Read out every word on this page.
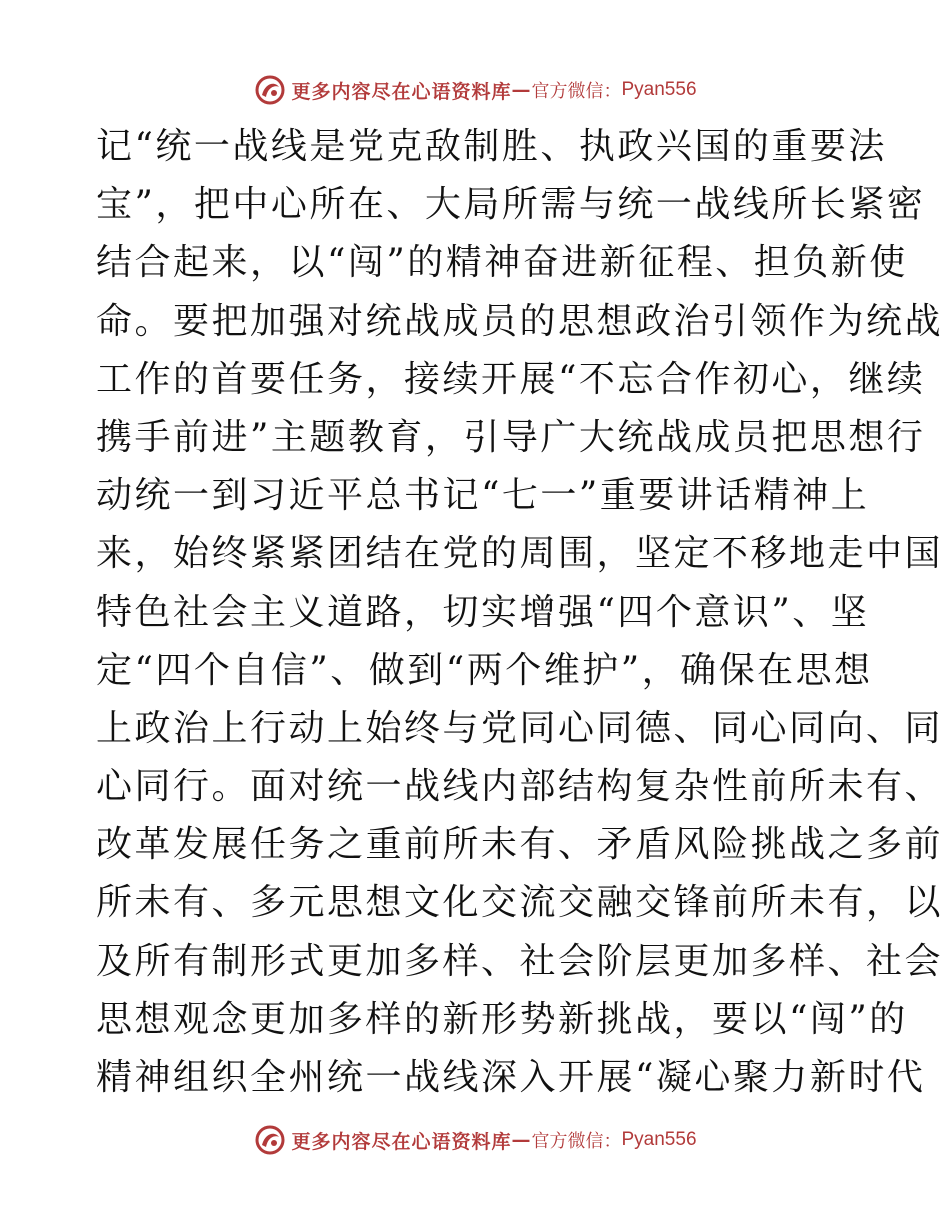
更多内容尽在心语资料库 — 官方微信： Pyan556
记“统一战线是党克敌制胜、执政兴国的重要法
宝”，把中心所在、大局所需与统一战线所长紧密
结合起来，以“闯”的精神奋进新征程、担负新使
命。要把加强对统战成员的思想政治引领作为统战
工作的首要任务，接续开展“不忘合作初心，继续
携手前进”主题教育，引导广大统战成员把思想行
动统一到习近平总书记“七一”重要讲话精神上
来，始终紧紧团结在党的周围，坚定不移地走中国
特色社会主义道路，切实增强“四个意识”、坚
定“四个自信”、做到“两个维护”，确保在思想
上政治上行动上始终与党同心同德、同心同向、同
心同行。面对统一战线内部结构复杂性前所未有、
改革发展任务之重前所未有、矛盾风险挑战之多前
所未有、多元思想文化交流交融交锋前所未有，以
及所有制形式更加多样、社会阶层更加多样、社会
思想观念更加多样的新形势新挑战，要以“闯”的
精神组织全州统一战线深入开展“凝心聚力新时代
更多内容尽在心语资料库 — 官方微信： Pyan556
